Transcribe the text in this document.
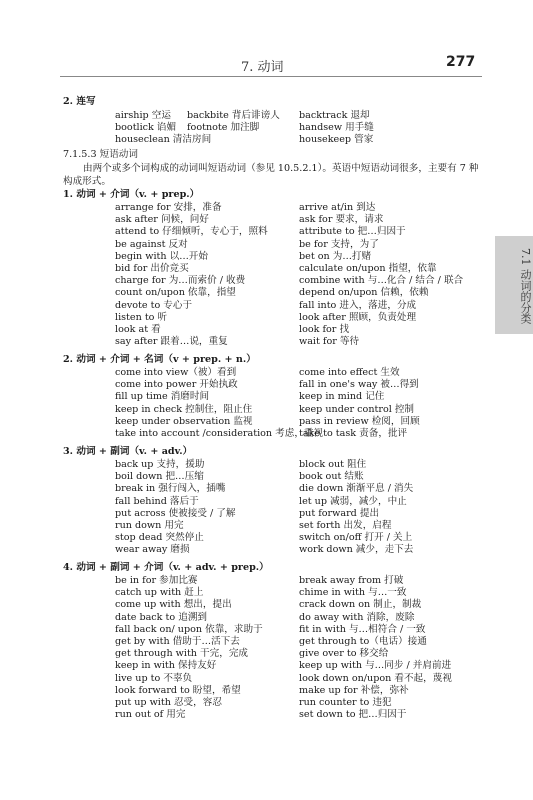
7. 动词	277
7.1 动词的分类
2. 连写
airship 空运
bootlick 谄媚
houseclean 清洁房间
backbite 背后诽谤人
footnote 加注脚
backtrack 退却
handsew 用手缝
housekeep 管家
7.1.5.3 短语动词
由两个或多个词构成的动词叫短语动词（参见 10.5.2.1）。英语中短语动词很多，主要有 7 种构成形式。
1. 动词 + 介词（v. + prep.）
arrange for 安排，准备
ask after 问候，问好
attend to 仔细倾听，专心于，照料
be against 反对
begin with 以…开始
bid for 出价竞买
charge for 为…而索价 / 收费
count on/upon 依靠，指望
devote to 专心于
listen to 听
look at 看
say after 跟着…说，重复
arrive at/in 到达
ask for 要求，请求
attribute to 把…归因于
be for 支持，为了
bet on 为…打赌
calculate on/upon 指望，依靠
combine with 与…化合 / 结合 / 联合
depend on/upon 信赖，依赖
fall into 进入，落进，分成
look after 照顾，负责处理
look for 找
wait for 等待
2. 动词 + 介词 + 名词（v + prep. + n.）
come into view（被）看到
come into power 开始执政
fill up time 消磨时间
keep in check 控制住，阻止住
keep under observation 监视
take into account /consideration 考虑，重视
come into effect 生效
fall in one's way 被…得到
keep in mind 记住
keep under control 控制
pass in review 检阅，回顾
take to task 责备，批评
3. 动词 + 副词（v. + adv.）
back up 支持，援助
boil down 把…压缩
break in 强行闯入，插嘴
fall behind 落后于
put across 使被接受 / 了解
run down 用完
stop dead 突然停止
wear away 磨损
block out 阻住
book out 结账
die down 渐渐平息 / 消失
let up 减弱，减少，中止
put forward 提出
set forth 出发，启程
switch on/off 打开 / 关上
work down 减少，走下去
4. 动词 + 副词 + 介词（v. + adv. + prep.）
be in for 参加比赛
catch up with 赶上
come up with 想出，提出
date back to 追溯到
fall back on/ upon 依靠，求助于
get by with 借助于…活下去
get through with 干完，完成
keep in with 保持友好
live up to 不辜负
look forward to 盼望，希望
put up with 忍受，容忍
run out of 用完
break away from 打破
chime in with 与…一致
crack down on 制止，制裁
do away with 消除，废除
fit in with 与…相符合 / 一致
get through to（电话）接通
give over to 移交给
keep up with 与…同步 / 并肩前进
look down on/upon 看不起，蔑视
make up for 补偿，弥补
run counter to 违犯
set down to 把…归因于
